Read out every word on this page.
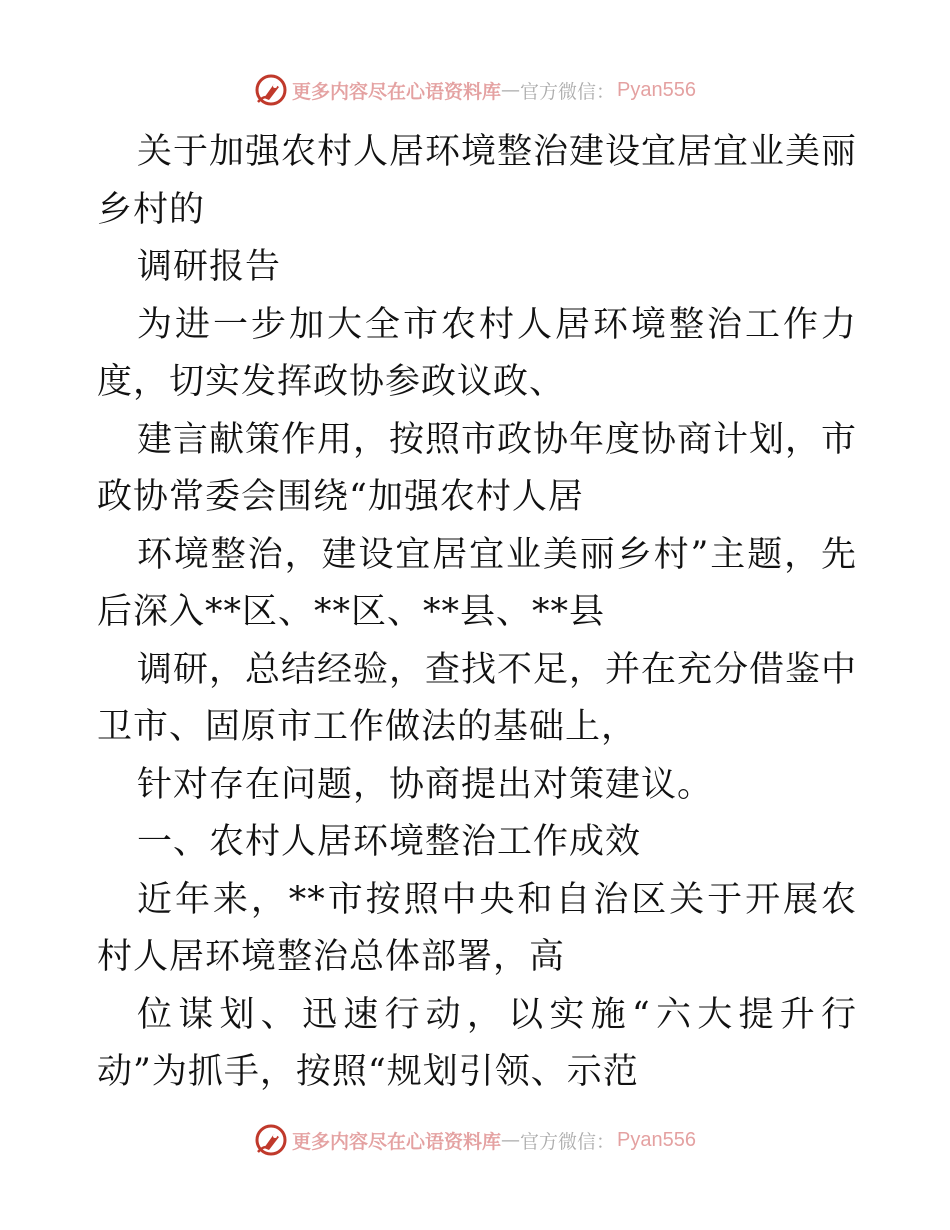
更多内容尽在心语资料库 — 官方微信： Pyan556

关于加强农村人居环境整治建设宜居宜业美丽乡村的

调研报告

为进一步加大全市农村人居环境整治工作力度，切实发挥政协参政议政、

建言献策作用，按照市政协年度协商计划，市政协常委会围绕“加强农村人居

环境整治，建设宜居宜业美丽乡村”主题，先后深入**区、**区、**县、**县

调研，总结经验，查找不足，并在充分借鉴中卫市、固原市工作做法的基础上，

针对存在问题，协商提出对策建议。

一、农村人居环境整治工作成效

近年来，**市按照中央和自治区关于开展农村人居环境整治总体部署，高

位谋划、迅速行动，以实施“六大提升行动”为抓手，按照“规划引领、示范

更多内容尽在心语资料库 — 官方微信： Pyan556
